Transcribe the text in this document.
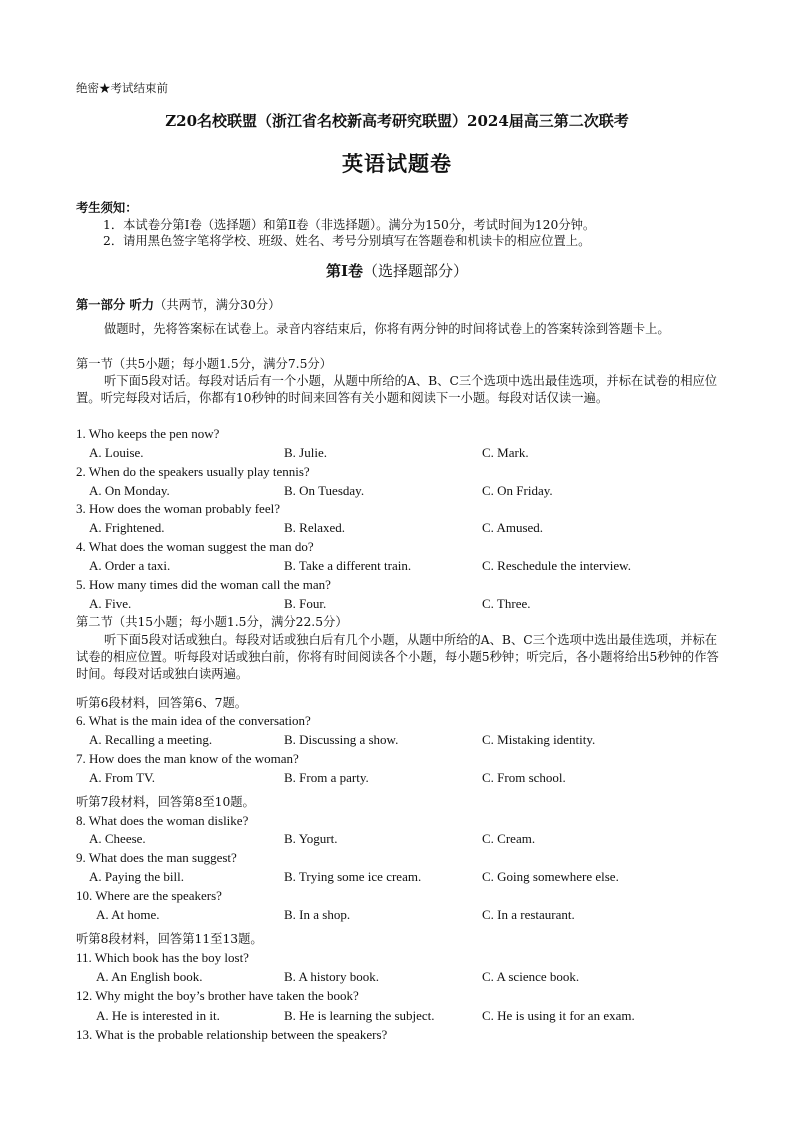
绝密★考试结束前
Z20名校联盟（浙江省名校新高考研究联盟）2024届高三第二次联考
英语试题卷
考生须知：
1．本试卷分第Ⅰ卷（选择题）和第Ⅱ卷（非选择题）。满分为150分，考试时间为120分钟。
2．请用黑色签字笔将学校、班级、姓名、考号分别填写在答题卷和机读卡的相应位置上。
第Ⅰ卷（选择题部分）
第一部分 听力（共两节，满分30分）
做题时，先将答案标在试卷上。录音内容结束后，你将有两分钟的时间将试卷上的答案转涂到答题卡上。
第一节（共5小题；每小题1.5分，满分7.5分）
听下面5段对话。每段对话后有一个小题，从题中所给的A、B、C三个选项中选出最佳选项，并标在试卷的相应位置。听完每段对话后，你都有10秒钟的时间来回答有关小题和阅读下一小题。每段对话仅读一遍。
1. Who keeps the pen now?
A. Louise.	B. Julie.	C. Mark.
2. When do the speakers usually play tennis?
A. On Monday.	B. On Tuesday.	C. On Friday.
3. How does the woman probably feel?
A. Frightened.	B. Relaxed.	C. Amused.
4. What does the woman suggest the man do?
A. Order a taxi.	B. Take a different train.	C. Reschedule the interview.
5. How many times did the woman call the man?
A. Five.	B. Four.	C. Three.
第二节（共15小题；每小题1.5分，满分22.5分）
听下面5段对话或独白。每段对话或独白后有几个小题，从题中所给的A、B、C三个选项中选出最佳选项，并标在试卷的相应位置。听每段对话或独白前，你将有时间阅读各个小题，每小题5秒钟；听完后，各小题将给出5秒钟的作答时间。每段对话或独白读两遍。
听第6段材料，回答第6、7题。
6. What is the main idea of the conversation?
A. Recalling a meeting.	B. Discussing a show.	C. Mistaking identity.
7. How does the man know of the woman?
A. From TV.	B. From a party.	C. From school.
听第7段材料，回答第8至10题。
8. What does the woman dislike?
A. Cheese.	B. Yogurt.	C. Cream.
9. What does the man suggest?
A. Paying the bill.	B. Trying some ice cream.	C. Going somewhere else.
10. Where are the speakers?
A. At home.	B. In a shop.	C. In a restaurant.
听第8段材料，回答第11至13题。
11. Which book has the boy lost?
A. An English book.	B. A history book.	C. A science book.
12. Why might the boy’s brother have taken the book?
A. He is interested in it.	B. He is learning the subject.	C. He is using it for an exam.
13. What is the probable relationship between the speakers?
